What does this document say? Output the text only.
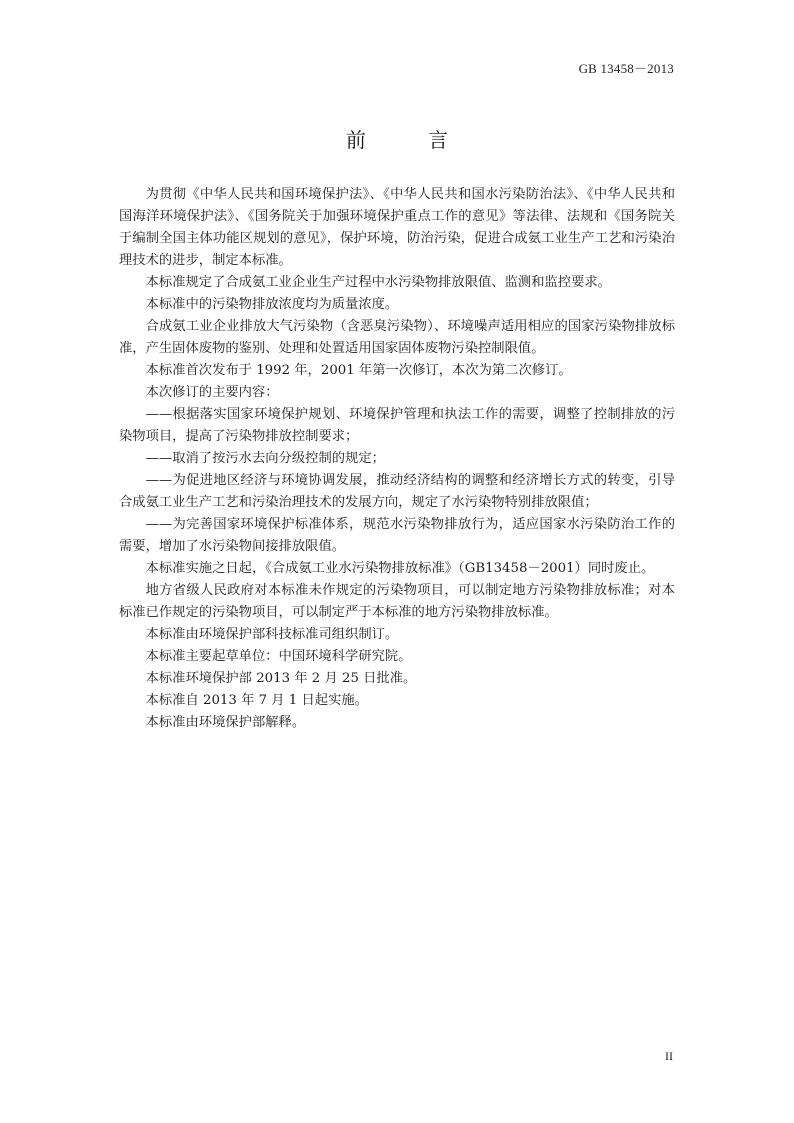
GB 13458－2013
前 言

为贯彻《中华人民共和国环境保护法》、《中华人民共和国水污染防治法》、《中华人民共和国海洋环境保护法》、《国务院关于加强环境保护重点工作的意见》等法律、法规和《国务院关于编制全国主体功能区规划的意见》，保护环境，防治污染，促进合成氨工业生产工艺和污染治理技术的进步，制定本标准。

本标准规定了合成氨工业企业生产过程中水污染物排放限值、监测和监控要求。

本标准中的污染物排放浓度均为质量浓度。

合成氨工业企业排放大气污染物（含恶臭污染物）、环境噪声适用相应的国家污染物排放标准，产生固体废物的鉴别、处理和处置适用国家固体废物污染控制限值。

本标准首次发布于 1992 年，2001 年第一次修订，本次为第二次修订。

本次修订的主要内容：

——根据落实国家环境保护规划、环境保护管理和执法工作的需要，调整了控制排放的污染物项目，提高了污染物排放控制要求；

——取消了按污水去向分级控制的规定；

——为促进地区经济与环境协调发展，推动经济结构的调整和经济增长方式的转变，引导合成氨工业生产工艺和污染治理技术的发展方向，规定了水污染物特别排放限值；

——为完善国家环境保护标准体系，规范水污染物排放行为，适应国家水污染防治工作的需要，增加了水污染物间接排放限值。

本标准实施之日起，《合成氨工业水污染物排放标准》（GB13458－2001）同时废止。

地方省级人民政府对本标准未作规定的污染物项目，可以制定地方污染物排放标准；对本标准已作规定的污染物项目，可以制定严于本标准的地方污染物排放标准。

本标准由环境保护部科技标准司组织制订。

本标准主要起草单位：中国环境科学研究院。

本标准环境保护部 2013 年 2 月 25 日批准。

本标准自 2013 年 7 月 1 日起实施。

本标准由环境保护部解释。

II
